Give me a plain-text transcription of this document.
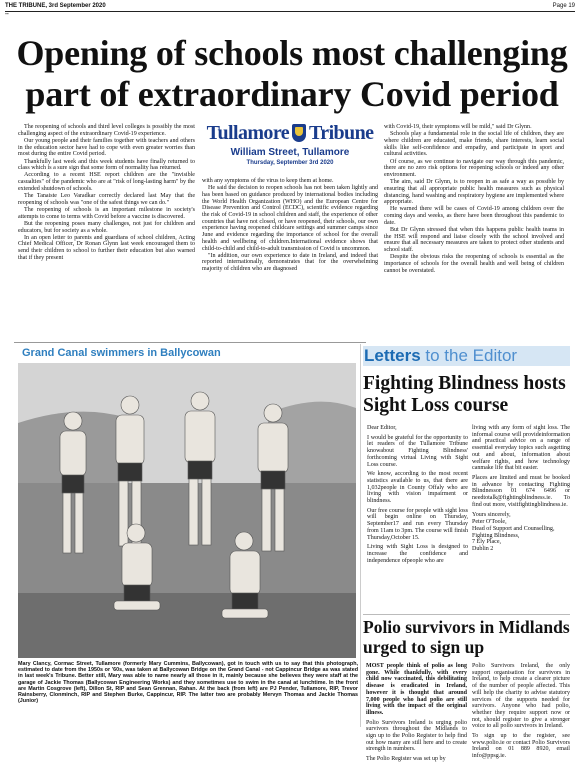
THE TRIBUNE, 3rd September 2020	Page 19
""
Opening of schools most challenging part of extraordinary Covid period

The reopening of schools and third level colleges is possibly the most challenging aspect of the extraordinary Covid-19 experience.

Our young people and their families together with teachers and others in the education sector have had to cope with even greater worries than most during the entire Covid period.

Thankfully last week and this week students have finally returned to class which is a sure sign that some form of normality has returned.

According to a recent HSE report children are the "invisible casualties" of the pandemic who are at "risk of long-lasting harm" by the extended shutdown of schools.

The Tanaiste Leo Varadkar correctly declared last May that the reopening of schools was "one of the safest things we can do."

The reopening of schools is an important milestone in society's attempts to come to terms with Covid before a vaccine is discovered.

But the reopening poses many challenges, not just for children and educators, but for society as a whole.

In an open letter to parents and guardians of school children, Acting Chief Medical Officer, Dr Ronan Glynn last week encouraged them to send their children to school to further their education but also warned that if they present

Tullamore Tribune
William Street, Tullamore
Thursday, September 3rd 2020

with any symptoms of the virus to keep them at home.

He said the decision to reopen schools has not been taken lightly and has been based on guidance produced by international bodies including the World Health Organization (WHO) and the European Centre for Disease Prevention and Control (ECDC), scientific evidence regarding the risk of Covid-19 in school children and staff, the experience of other countries that have not closed, or have reopened, their schools, our own experience having reopened childcare settings and summer camps since June and evidence regarding the importance of school for the overall health and wellbeing of children.International evidence shows that child-to-child and child-to-adult transmission of Covid is uncommon.

"In addition, our own experience to date in Ireland, and indeed that reported internationally, demonstrates that for the overwhelming majority of children who are diagnosed

with Covid-19, their symptoms will be mild," said Dr Glynn.

Schools play a fundamental role in the social life of children, they are where children are educated, make friends, share interests, learn social skills like self-confidence and empathy, and participate in sport and cultural activities.

Of course, as we continue to navigate our way through this pandemic, there are no zero risk options for reopening schools or indeed any other environment.

The aim, said Dr Glynn, is to reopen in as safe a way as possible by ensuring that all appropriate public health measures such as physical distancing, hand washing and respiratory hygiene are implemented where appropriate.

He warned there will be cases of Covid-19 among children over the coming days and weeks, as there have been throughout this pandemic to date.

But Dr Glynn stressed that when this happens public health teams in the HSE will respond and liaise closely with the school involved and ensure that all necessary measures are taken to protect other students and school staff.

Despite the obvious risks the reopening of schools is essential as the importance of schools for the overall health and well being of children cannot be overstated.

Grand Canal swimmers in Ballycowan
Mary Clancy, Cormac Street, Tullamore (formerly Mary Cummins, Ballycowan), got in touch with us to say that this photograph, estimated to date from the 1950s or '60s, was taken at Ballycowan Bridge on the Grand Canal - not Cappincur Bridge as was stated in last week's Tribune. Better still, Mary was able to name nearly all those in it, mainly because she believes they were staff at the garage of Jackie Thomas (Ballycowan Engineering Works) and they sometimes use to swim in the canal at lunchtime. In the front are Martin Cosgrove (left), Dillon St, RIP and Sean Grennan, Rahan. At the back (from left) are PJ Pender, Tullamore, RIP, Trevor Rainsberry, Clonminch, RIP and Stephen Burke, Cappincur, RIP. The latter two are probably Mervyn Thomas and Jackie Thomas (Junior)
Letters to the Editor
Fighting Blindness hosts Sight Loss course

Dear Editor,

I would be grateful for the opportunity to let readers of the Tullamore Tribune knowabout Fighting Blindness' forthcoming virtual Living with Sight Loss course.

We know, according to the most recent statistics available to us, that there are 1,032people in County Offaly who are living with vision impairment or blindness.

Our free course for people with sight loss will begin online on Thursday, September17 and run every Thursday from 11am to 3pm. The course will finish Thursday,October 15.

Living with Sight Loss is designed to increase the confidence and independence ofpeople who are

living with any form of sight loss. The informal course will provideinformation and practical advice on a range of essential everyday topics such asgetting out and about, information about welfare rights, and how technology canmake life that bit easier.

Places are limited and must be booked in advance by contacting Fighting Blindnesson 01 674 6496 or needtotalk@fightingblindness.ie. To find out more, visitfightingblindness.ie.

Yours sincerely,

Peter O'Toole,

Head of Support and Counselling,

Fighting Blindness,

7 Ely Place,

Dublin 2

Polio survivors in Midlands urged to sign up

MOST people think of polio as long gone. While thankfully, with every child now vaccinated, this debilitating disease is eradicated in Ireland, however it is thought that around 7,000 people who had polio are still living with the impact of the original illness.

Polio Survivors Ireland is urging polio survivors throughout the Midlands to sign up to the Polio Register to help find out how many are still here and to create strength in numbers.

The Polio Register was set up by

Polio Survivors Ireland, the only support organisation for survivors in Ireland, to help create a clearer picture of the number of people affected. This will help the charity to advise statutory services of the supports needed for survivors. Anyone who had polio, whether they require support now or not, should register to give a stronger voice to all polio survivors in Ireland.

To sign up to the register, see www.polio.ie or contact Polio Survivors Ireland on 01 889 8920, email info@ppsg.ie.
